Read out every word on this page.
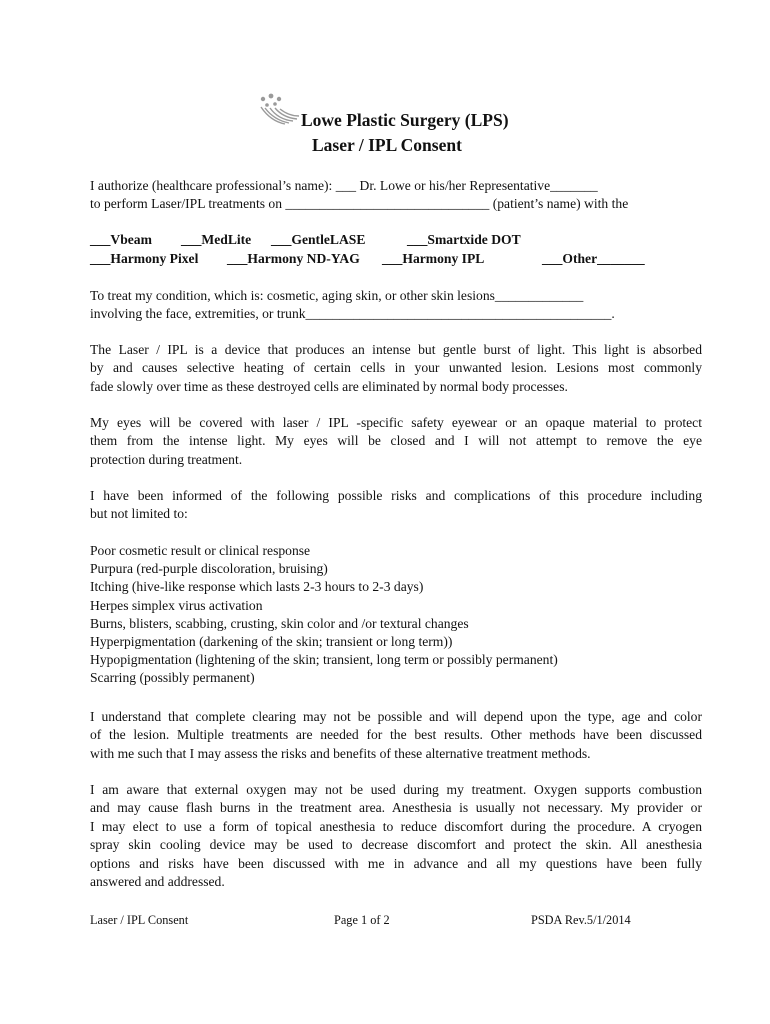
Lowe Plastic Surgery (LPS)
Laser / IPL Consent
I authorize (healthcare professional’s name): ___ Dr. Lowe or his/her Representative_______
to perform Laser/IPL treatments on ______________________________ (patient’s name) with the
___Vbeam ___MedLite ___GentleLASE	___Smartxide DOT
___Harmony Pixel ___Harmony ND-YAG ___Harmony IPL	___Other_______
To treat my condition, which is: cosmetic, aging skin, or other skin lesions_____________
involving the face, extremities, or trunk_____________________________________________.
The Laser / IPL is a device that produces an intense but gentle burst of light. This light is absorbed
by and causes selective heating of certain cells in your unwanted lesion. Lesions most commonly
fade slowly over time as these destroyed cells are eliminated by normal body processes.
My eyes will be covered with laser / IPL -specific safety eyewear or an opaque material to protect
them from the intense light. My eyes will be closed and I will not attempt to remove the eye
protection during treatment.
I have been informed of the following possible risks and complications of this procedure including
but not limited to:
Poor cosmetic result or clinical response
Purpura (red-purple discoloration, bruising)
Itching (hive-like response which lasts 2-3 hours to 2-3 days)
Herpes simplex virus activation
Burns, blisters, scabbing, crusting, skin color and /or textural changes
Hyperpigmentation (darkening of the skin; transient or long term))
Hypopigmentation (lightening of the skin; transient, long term or possibly permanent)
Scarring (possibly permanent)
I understand that complete clearing may not be possible and will depend upon the type, age and color
of the lesion. Multiple treatments are needed for the best results. Other methods have been discussed
with me such that I may assess the risks and benefits of these alternative treatment methods.
I am aware that external oxygen may not be used during my treatment. Oxygen supports combustion
and may cause flash burns in the treatment area. Anesthesia is usually not necessary. My provider or
I may elect to use a form of topical anesthesia to reduce discomfort during the procedure. A cryogen
spray skin cooling device may be used to decrease discomfort and protect the skin. All anesthesia
options and risks have been discussed with me in advance and all my questions have been fully
answered and addressed.
Laser / IPL Consent	Page 1 of 2	PSDA Rev.5/1/2014
